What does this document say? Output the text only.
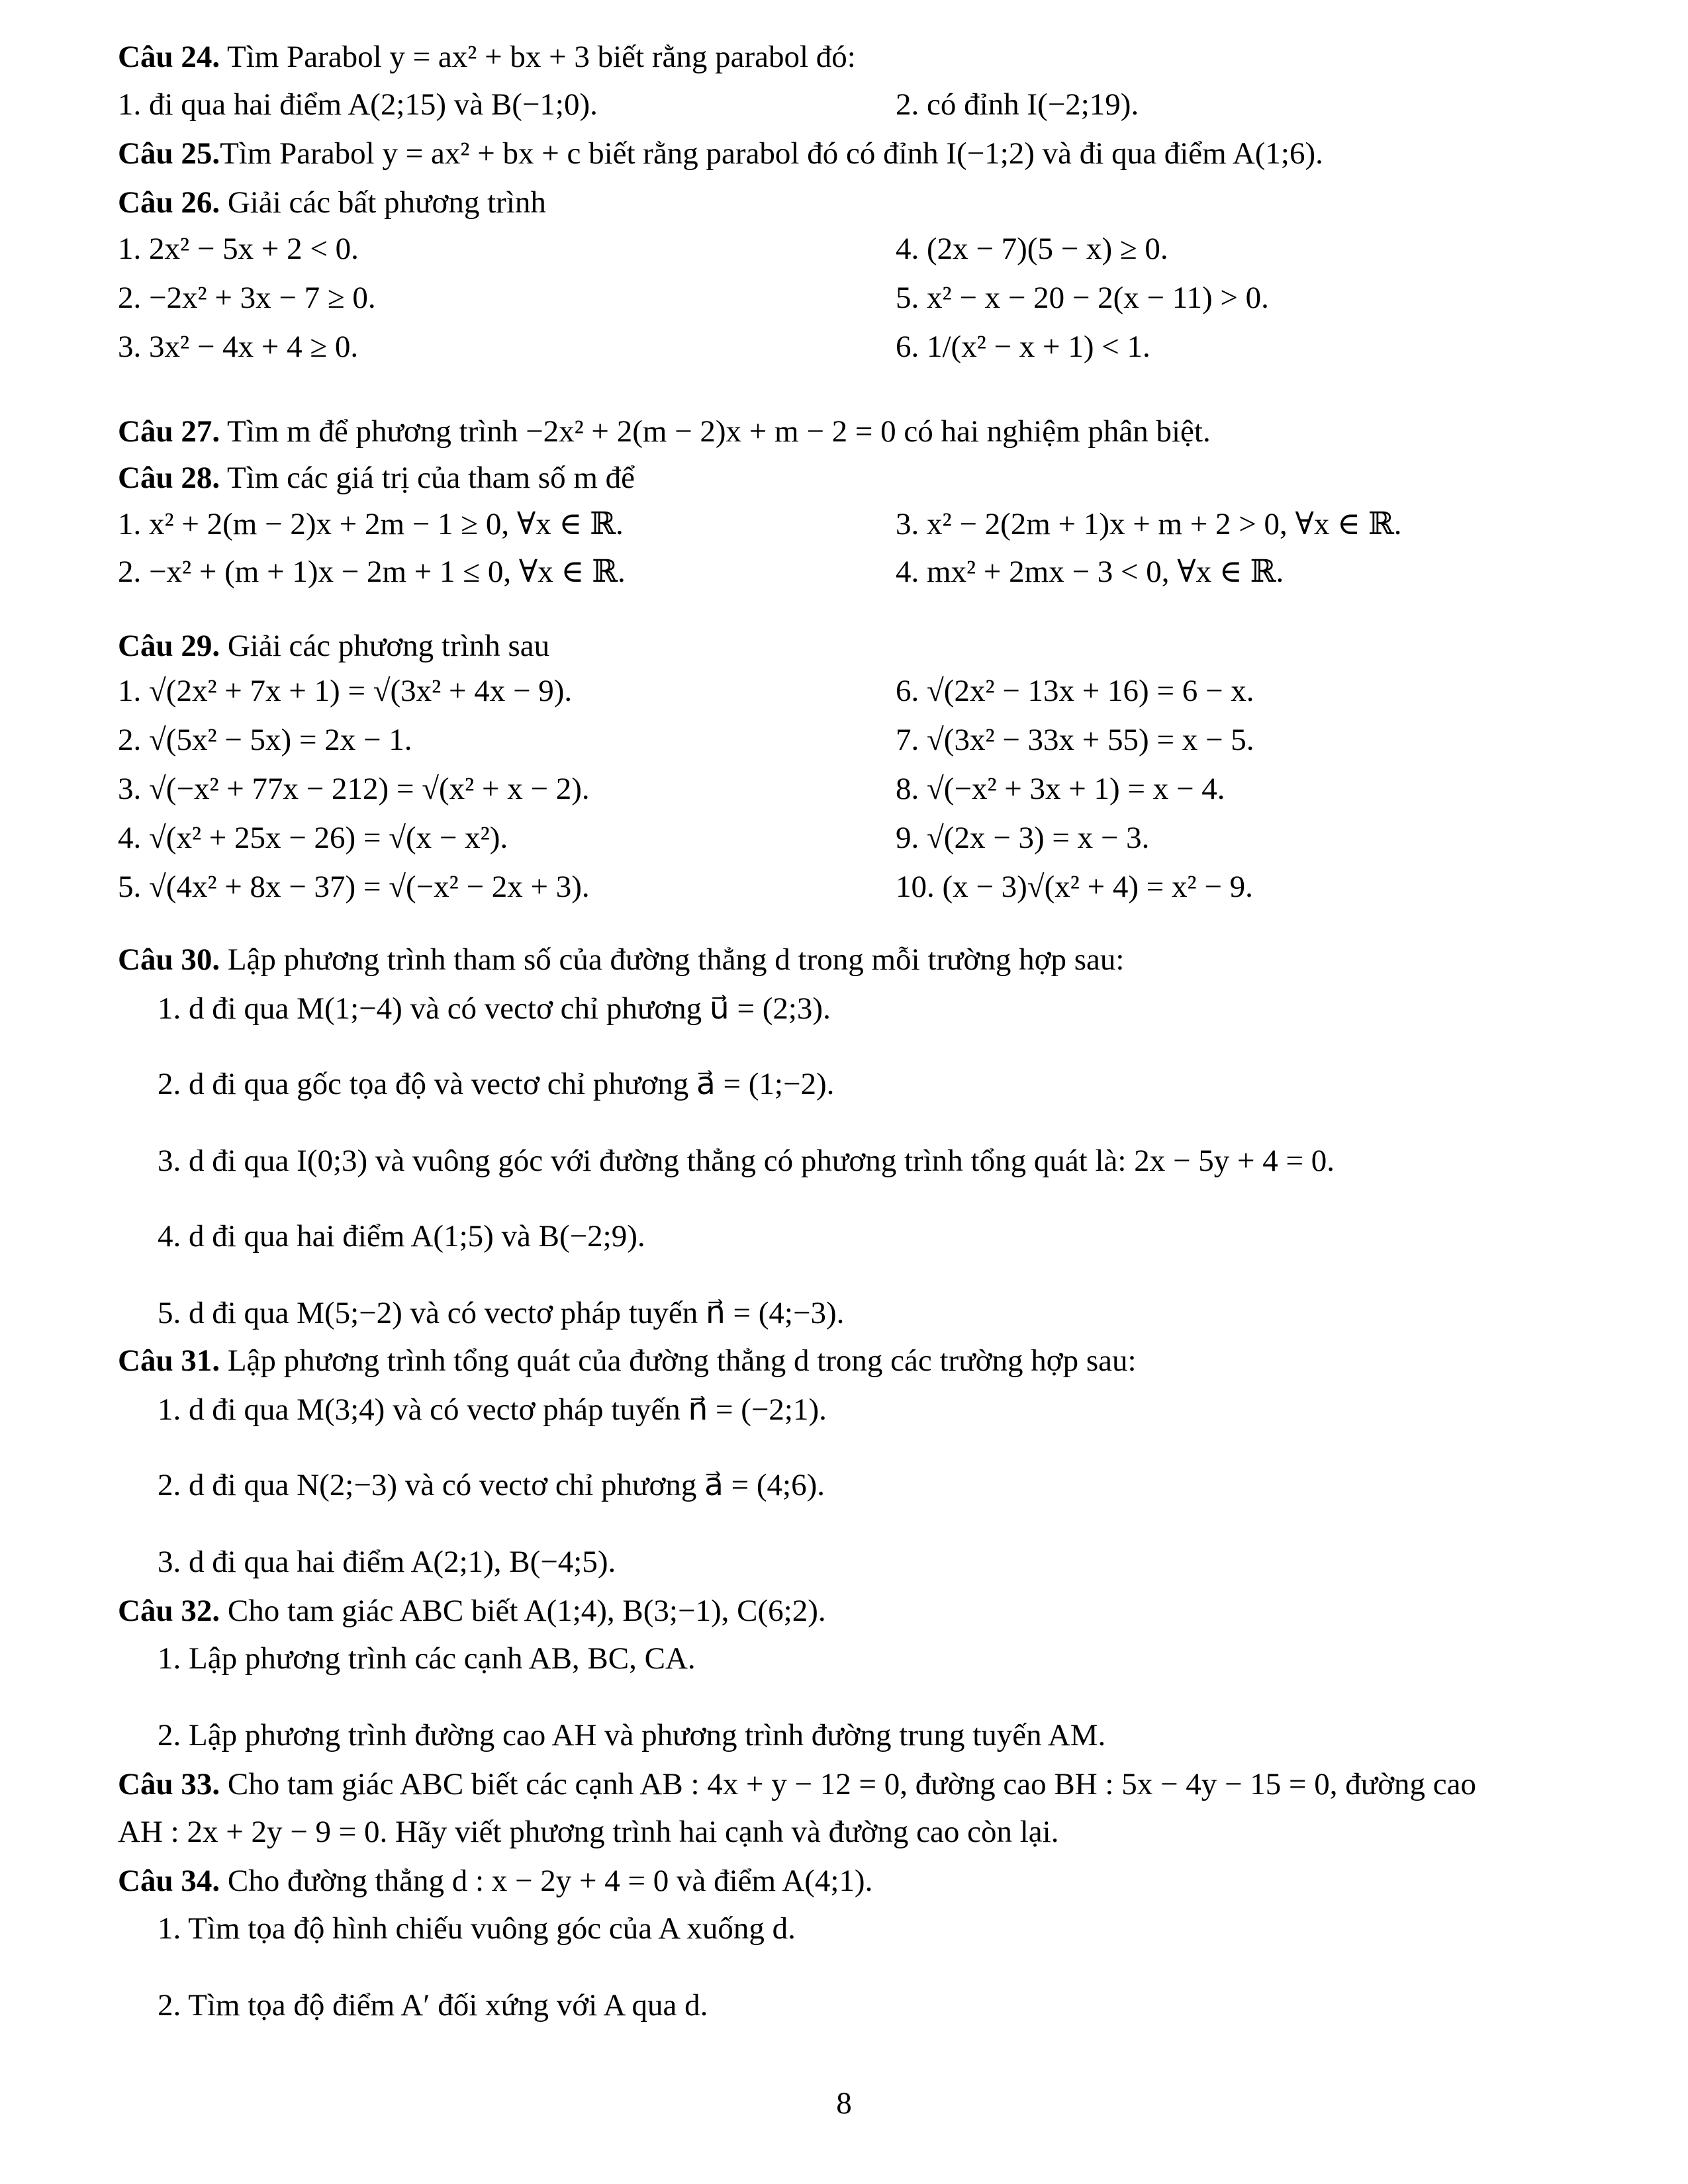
Câu 24. Tìm Parabol y = ax² + bx + 3 biết rằng parabol đó:
1. đi qua hai điểm A(2;15) và B(−1;0).	2. có đỉnh I(−2;19).
Câu 25.Tìm Parabol y = ax² + bx + c biết rằng parabol đó có đỉnh I(−1;2) và đi qua điểm A(1;6).
Câu 26. Giải các bất phương trình
1. 2x² − 5x + 2 < 0.	4. (2x − 7)(5 − x) ≥ 0.
2. −2x² + 3x − 7 ≥ 0.	5. x² − x − 20 − 2(x − 11) > 0.
3. 3x² − 4x + 4 ≥ 0.	6. 1/(x² − x + 1) < 1.
Câu 27. Tìm m để phương trình −2x² + 2(m − 2)x + m − 2 = 0 có hai nghiệm phân biệt.
Câu 28. Tìm các giá trị của tham số m để
1. x² + 2(m − 2)x + 2m − 1 ≥ 0, ∀x ∈ ℝ.	3. x² − 2(2m + 1)x + m + 2 > 0, ∀x ∈ ℝ.
2. −x² + (m + 1)x − 2m + 1 ≤ 0, ∀x ∈ ℝ.	4. mx² + 2mx − 3 < 0, ∀x ∈ ℝ.
Câu 29. Giải các phương trình sau
1. √(2x² + 7x + 1) = √(3x² + 4x − 9).	6. √(2x² − 13x + 16) = 6 − x.
2. √(5x² − 5x) = 2x − 1.	7. √(3x² − 33x + 55) = x − 5.
3. √(−x² + 77x − 212) = √(x² + x − 2).	8. √(−x² + 3x + 1) = x − 4.
4. √(x² + 25x − 26) = √(x − x²).	9. √(2x − 3) = x − 3.
5. √(4x² + 8x − 37) = √(−x² − 2x + 3).	10. (x − 3)√(x² + 4) = x² − 9.
Câu 30. Lập phương trình tham số của đường thẳng d trong mỗi trường hợp sau:
1. d đi qua M(1;−4) và có vectơ chỉ phương u⃗ = (2;3).
2. d đi qua gốc tọa độ và vectơ chỉ phương a⃗ = (1;−2).
3. d đi qua I(0;3) và vuông góc với đường thẳng có phương trình tổng quát là: 2x − 5y + 4 = 0.
4. d đi qua hai điểm A(1;5) và B(−2;9).
5. d đi qua M(5;−2) và có vectơ pháp tuyến n⃗ = (4;−3).
Câu 31. Lập phương trình tổng quát của đường thẳng d trong các trường hợp sau:
1. d đi qua M(3;4) và có vectơ pháp tuyến n⃗ = (−2;1).
2. d đi qua N(2;−3) và có vectơ chỉ phương a⃗ = (4;6).
3. d đi qua hai điểm A(2;1), B(−4;5).
Câu 32. Cho tam giác ABC biết A(1;4), B(3;−1), C(6;2).
1. Lập phương trình các cạnh AB, BC, CA.
2. Lập phương trình đường cao AH và phương trình đường trung tuyến AM.
Câu 33. Cho tam giác ABC biết các cạnh AB : 4x + y − 12 = 0, đường cao BH : 5x − 4y − 15 = 0, đường cao
AH : 2x + 2y − 9 = 0. Hãy viết phương trình hai cạnh và đường cao còn lại.
Câu 34. Cho đường thẳng d : x − 2y + 4 = 0 và điểm A(4;1).
1. Tìm tọa độ hình chiếu vuông góc của A xuống d.
2. Tìm tọa độ điểm A′ đối xứng với A qua d.
8
